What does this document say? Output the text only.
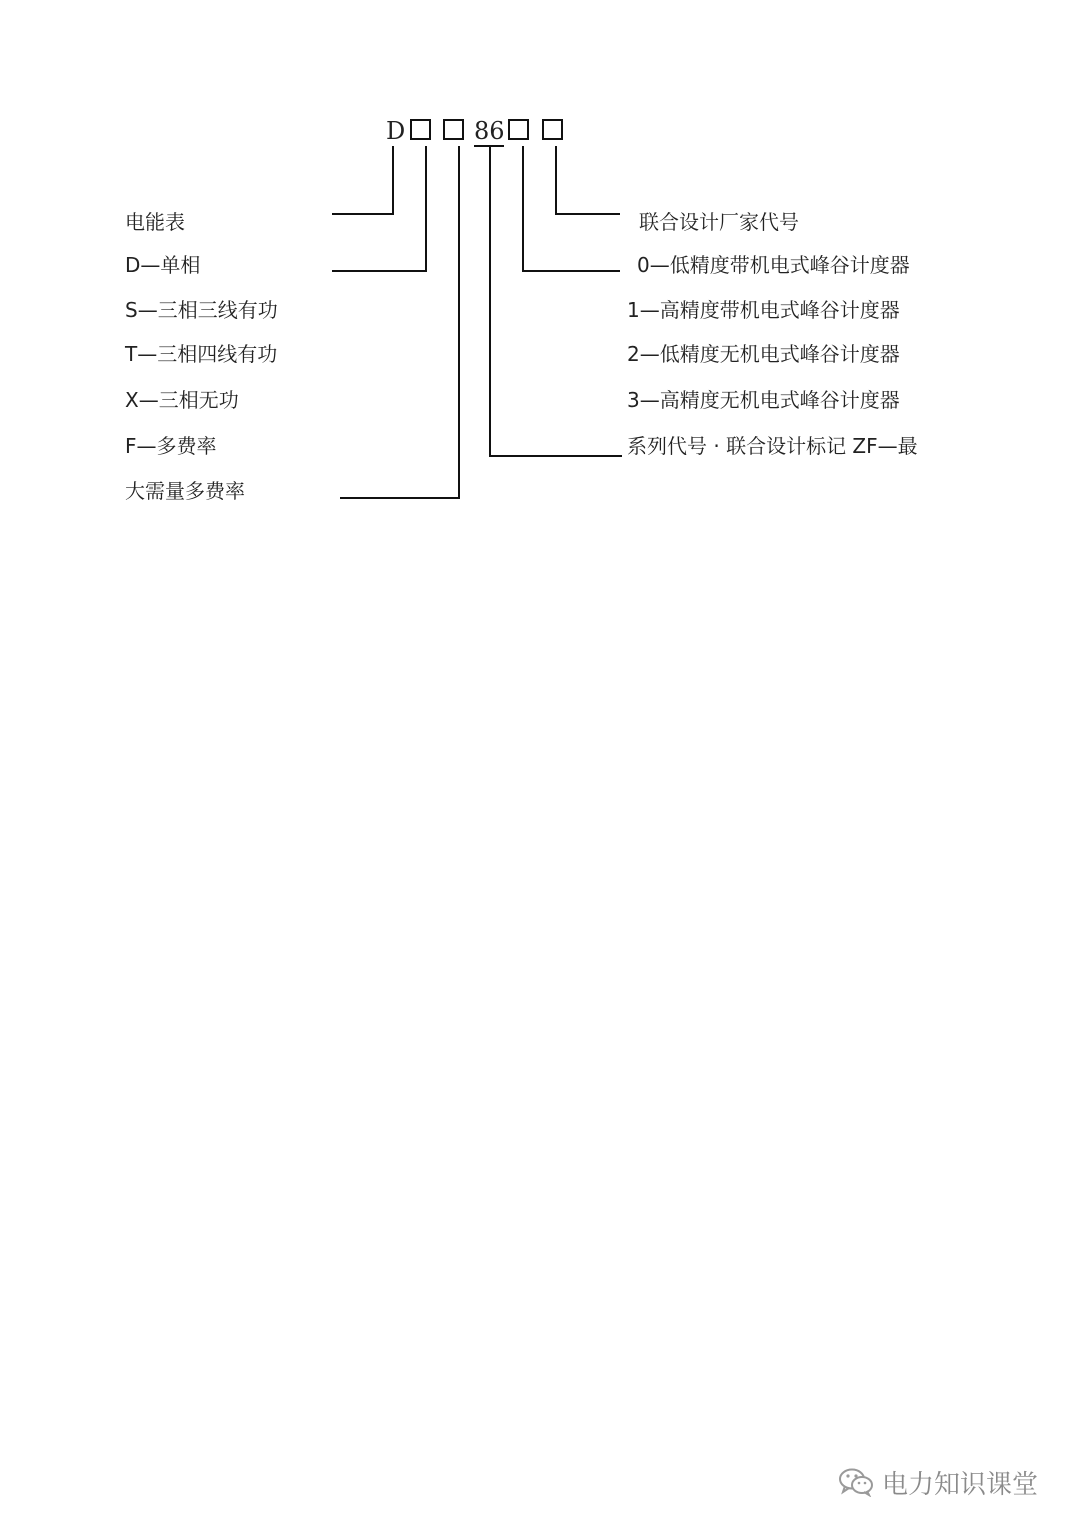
D	86
电能表
D—单相
S—三相三线有功
T—三相四线有功
X—三相无功
F—多费率
大需量多费率
联合设计厂家代号
0—低精度带机电式峰谷计度器
1—高精度带机电式峰谷计度器
2—低精度无机电式峰谷计度器
3—高精度无机电式峰谷计度器
系列代号 · 联合设计标记 ZF—最
电力知识课堂
